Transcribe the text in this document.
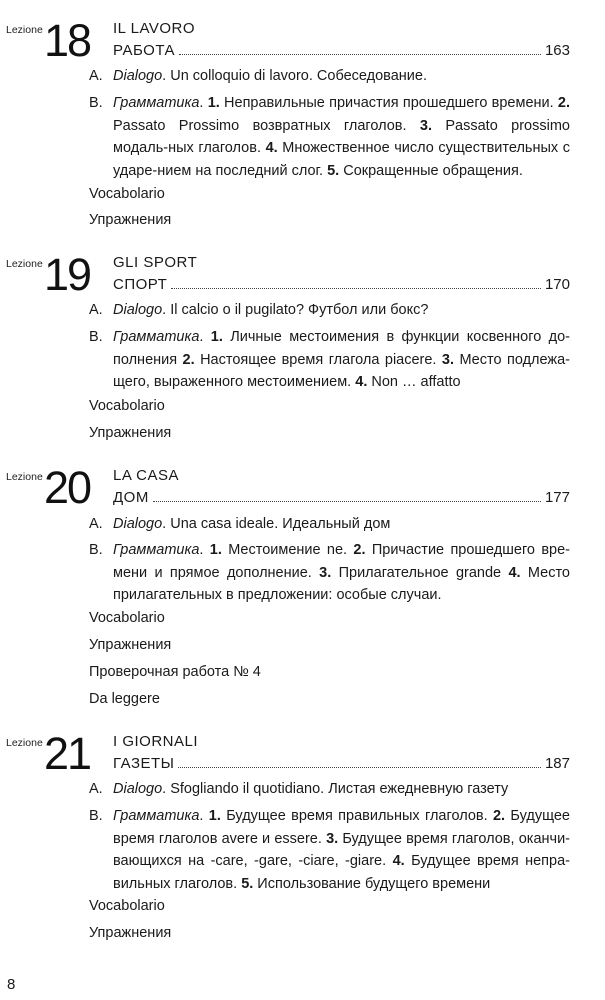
Lezione 18 IL LAVORO
РАБОТА	163
A. Dialogo. Un colloquio di lavoro. Собеседование.
B. Грамматика. 1. Неправильные причастия прошедшего времени. 2. Passato Prossimo возвратных глаголов. 3. Passato prossimo модаль-ных глаголов. 4. Множественное число существительных с ударе-нием на последний слог. 5. Сокращенные обращения.
Vocabolario
Упражнения
Lezione 19 GLI SPORT
СПОРТ	170
A. Dialogo. Il calcio o il pugilato? Футбол или бокс?
B. Грамматика. 1. Личные местоимения в функции косвенного до-полнения 2. Настоящее время глагола piacere. 3. Место подлежа-щего, выраженного местоимением. 4. Non … affatto
Vocabolario
Упражнения
Lezione 20 LA CASA
ДОМ	177
A. Dialogo. Una casa ideale. Идеальный дом
B. Грамматика. 1. Местоимение ne. 2. Причастие прошедшего вре-мени и прямое дополнение. 3. Прилагательное grande 4. Место прилагательных в предложении: особые случаи.
Vocabolario
Упражнения
Проверочная работа № 4
Da leggere
Lezione 21 I GIORNALI
ГАЗЕТЫ	187
A. Dialogo. Sfogliando il quotidiano. Листая ежедневную газету
B. Грамматика. 1. Будущее время правильных глаголов. 2. Будущее время глаголов avere и essere. 3. Будущее время глаголов, оканчи-вающихся на -care, -gare, -ciare, -giare. 4. Будущее время непра-вильных глаголов. 5. Использование будущего времени
Vocabolario
Упражнения
8
